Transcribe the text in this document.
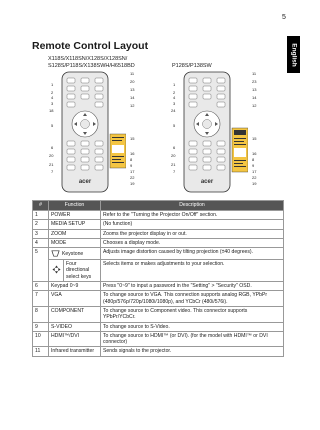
5
English
Remote Control Layout
X118S/X118SN/X128S/X128SN/
S128S/P118S/X138SWH/H6518BD	P128S/P138SW
acer
1
2
4
3
18
5
6
20
21
7
11
20
13
14
12
15
16
8
9
17
22
19	acer
1
2
4
3
24
5
6
20
21
7
11
23
13
14
12
15
16
8
9
17
22
19
#	Function		Description
1	POWER		Refer to the "Turning the Projector On/Off" section.
2	MEDIA SETUP		(No function)
3	ZOOM		Zooms the projector display in or out.
4	MODE		Chooses a display mode.
5	Keystone		Adjusts image distortion caused by tilting projection (±40 degrees).
	Four directional select keys	Selects items or makes adjustments to your selection.
6	Keypad 0~9		Press "0~9" to input a password in the "Setting" > "Security" OSD.
7	VGA		To change source to VGA. This connection supports analog RGB, YPbPr (480p/576p/720p/1080i/1080p), and YCbCr (480i/576i).
8	COMPONENT		To change source to Component video. This connector supports YPbPr/YCbCr.
9	S-VIDEO		To change source to S-Video.
10	HDMI™/DVI		To change source to HDMI™ (or DVI). (for the model with HDMI™ or DVI connector)
11	Infrared transmitter		Sends signals to the projector.
